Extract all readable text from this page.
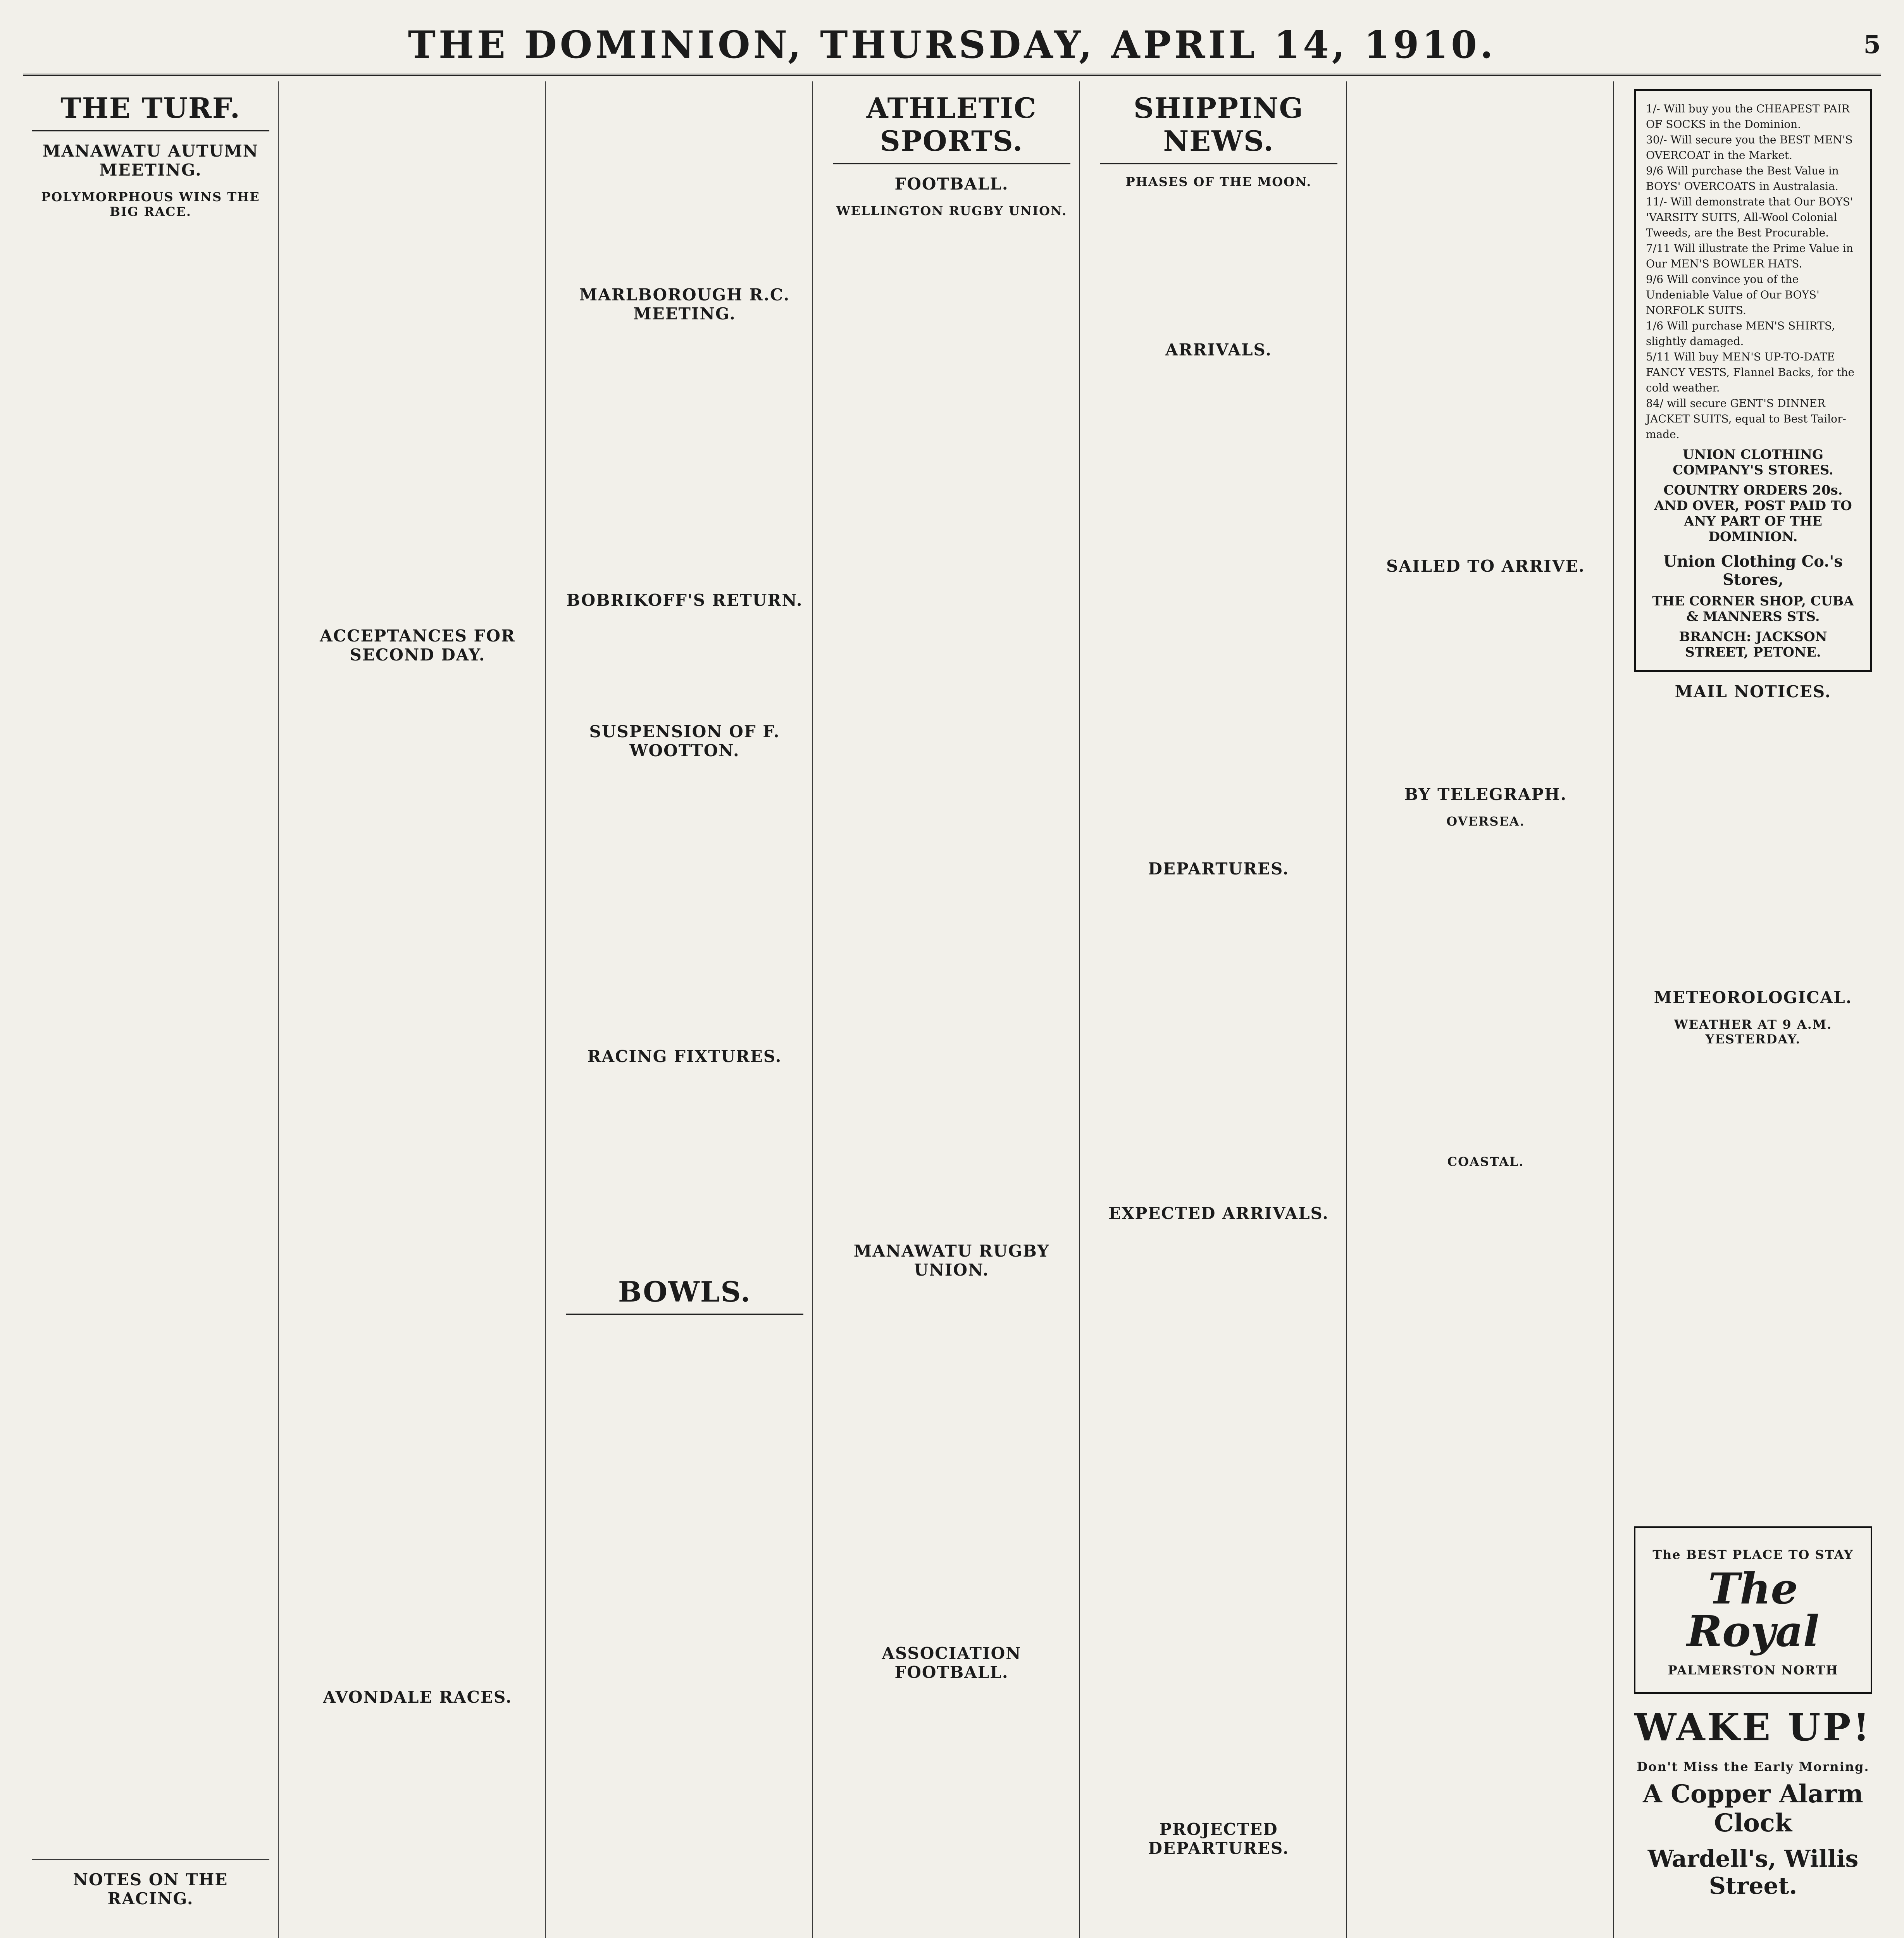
THE DOMINION, THURSDAY, APRIL 14, 1910.	5
THE TURF.
MANAWATU AUTUMN MEETING.
POLYMORPHOUS WINS THE BIG RACE.
NOTES ON THE RACING.
ACCEPTANCES FOR SECOND DAY.
AVONDALE RACES.
MARLBOROUGH R.C. MEETING.
BOBRIKOFF'S RETURN.
SUSPENSION OF F. WOOTTON.
RACING FIXTURES.
BOWLS.
ATHLETIC SPORTS.
FOOTBALL.
WELLINGTON RUGBY UNION.
MANAWATU RUGBY UNION.
ASSOCIATION FOOTBALL.
SHIPPING NEWS.
PHASES OF THE MOON.
ARRIVALS.
DEPARTURES.
EXPECTED ARRIVALS.
PROJECTED DEPARTURES.
SAILED TO ARRIVE.
BY TELEGRAPH.
OVERSEA.
COASTAL.
1/- Will buy you the CHEAPEST PAIR OF SOCKS in the Dominion.
30/- Will secure you the BEST MEN'S OVERCOAT in the Market.
9/6 Will purchase the Best Value in BOYS' OVERCOATS in Australasia.
11/- Will demonstrate that Our BOYS' 'VARSITY SUITS, All-Wool Colonial Tweeds, are the Best Procurable.
7/11 Will illustrate the Prime Value in Our MEN'S BOWLER HATS.
9/6 Will convince you of the Undeniable Value of Our BOYS' NORFOLK SUITS.
1/6 Will purchase MEN'S SHIRTS, slightly damaged.
5/11 Will buy MEN'S UP-TO-DATE FANCY VESTS, Flannel Backs, for the cold weather.
84/ will secure GENT'S DINNER JACKET SUITS, equal to Best Tailor-made.
UNION CLOTHING COMPANY'S STORES.
COUNTRY ORDERS 20s. AND OVER, POST PAID TO ANY PART OF THE DOMINION.
Union Clothing Co.'s Stores,
THE CORNER SHOP, CUBA & MANNERS STS.
BRANCH: JACKSON STREET, PETONE.
MAIL NOTICES.
METEOROLOGICAL.
WEATHER AT 9 A.M. YESTERDAY.
The BEST PLACE TO STAY
The Royal
PALMERSTON NORTH
WAKE UP!
Don't Miss the Early Morning.
A Copper Alarm Clock
Wardell's, Willis Street.
